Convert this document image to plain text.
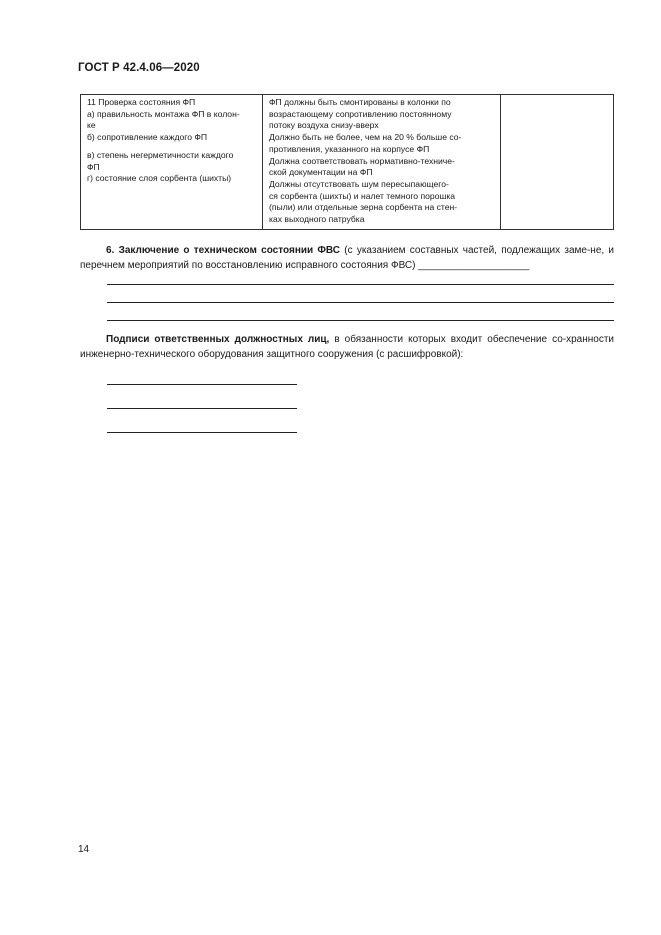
ГОСТ Р 42.4.06—2020
11 Проверка состояния ФП
а) правильность монтажа ФП в колон-
ке
б) сопротивление каждого ФП
в) степень негерметичности каждого
ФП
г) состояние слоя сорбента (шихты)

ФП должны быть смонтированы в колонки по
возрастающему сопротивлению постоянному
потоку воздуха снизу-вверх
Должно быть не более, чем на 20 % больше со-
противления, указанного на корпусе ФП
Должна соответствовать нормативно-техниче-
ской документации на ФП
Должны отсутствовать шум пересыпающего-
ся сорбента (шихты) и налет темного порошка
(пыли) или отдельные зерна сорбента на стен-
ках выходного патрубка

6. Заключение о техническом состоянии ФВС (с указанием составных частей, подлежащих заме-не, и перечнем мероприятий по восстановлению исправного состояния ФВС) ____________________
Подписи ответственных должностных лиц, в обязанности которых входит обеспечение со-хранности инженерно-технического оборудования защитного сооружения (с расшифровкой):
14
